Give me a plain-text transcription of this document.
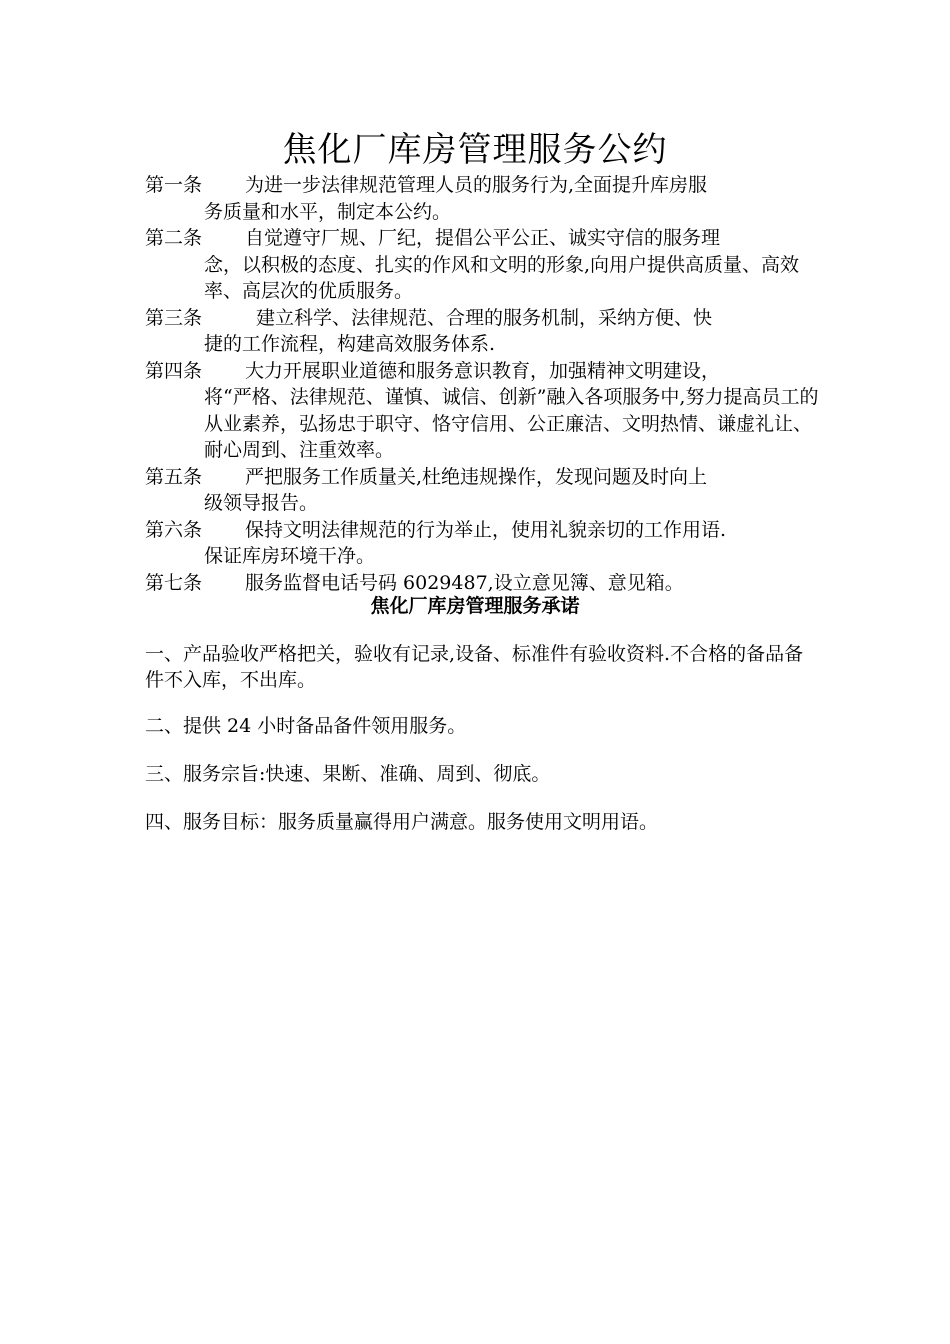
焦化厂库房管理服务公约
第一条 为进一步法律规范管理人员的服务行为,全面提升库房服
务质量和水平，制定本公约。
第二条 自觉遵守厂规、厂纪，提倡公平公正、诚实守信的服务理
念，以积极的态度、扎实的作风和文明的形象,向用户提供高质量、高效率、高层次的优质服务。
第三条	建立科学、法律规范、合理的服务机制，采纳方便、快
捷的工作流程，构建高效服务体系.
第四条 大力开展职业道德和服务意识教育，加强精神文明建设，
将“严格、法律规范、谨慎、诚信、创新”融入各项服务中,努力提高员工的从业素养，弘扬忠于职守、恪守信用、公正廉洁、文明热情、谦虚礼让、耐心周到、注重效率。
第五条 严把服务工作质量关,杜绝违规操作，发现问题及时向上
级领导报告。
第六条 保持文明法律规范的行为举止，使用礼貌亲切的工作用语.
保证库房环境干净。
第七条 服务监督电话号码 6029487,设立意见簿、意见箱。
焦化厂库房管理服务承诺

一、产品验收严格把关，验收有记录,设备、标准件有验收资料.不合格的备品备件不入库，不出库。

二、提供 24 小时备品备件领用服务。

三、服务宗旨:快速、果断、准确、周到、彻底。

四、服务目标：服务质量赢得用户满意。服务使用文明用语。
